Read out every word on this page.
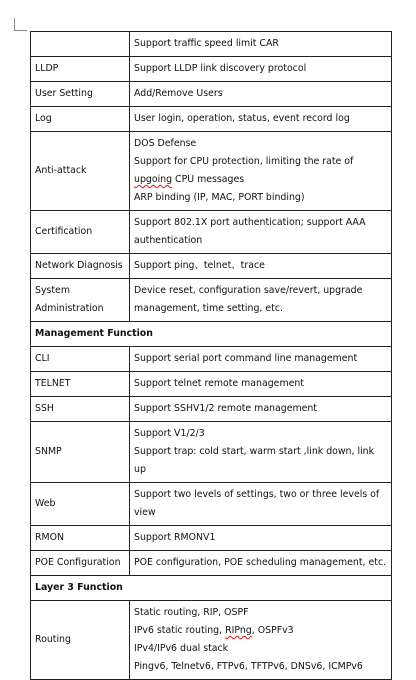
	Support traffic speed limit CAR

LLDP	Support LLDP link discovery protocol

User Setting	Add/Remove Users

Log	User login, operation, status, event record log

Anti-attack	DOS Defense
Support for CPU protection, limiting the rate of upgoing CPU messages
ARP binding (IP, MAC, PORT binding)

Certification	Support 802.1X port authentication; support AAA authentication

Network Diagnosis	Support ping、telnet、trace

System Administration	Device reset, configuration save/revert, upgrade management, time setting, etc.

Management Function	
CLI	Support serial port command line management

TELNET	Support telnet remote management

SSH	Support SSHV1/2 remote management

SNMP	Support V1/2/3
Support trap: cold start, warm start ,link down, link up

Web	Support two levels of settings, two or three levels of view

RMON	Support RMONV1

POE Configuration	POE configuration, POE scheduling management, etc.

Layer 3 Function	
Routing	Static routing, RIP, OSPF
IPv6 static routing, RIPng, OSPFv3
IPv4/IPv6 dual stack
Pingv6, Telnetv6, FTPv6, TFTPv6, DNSv6, ICMPv6
